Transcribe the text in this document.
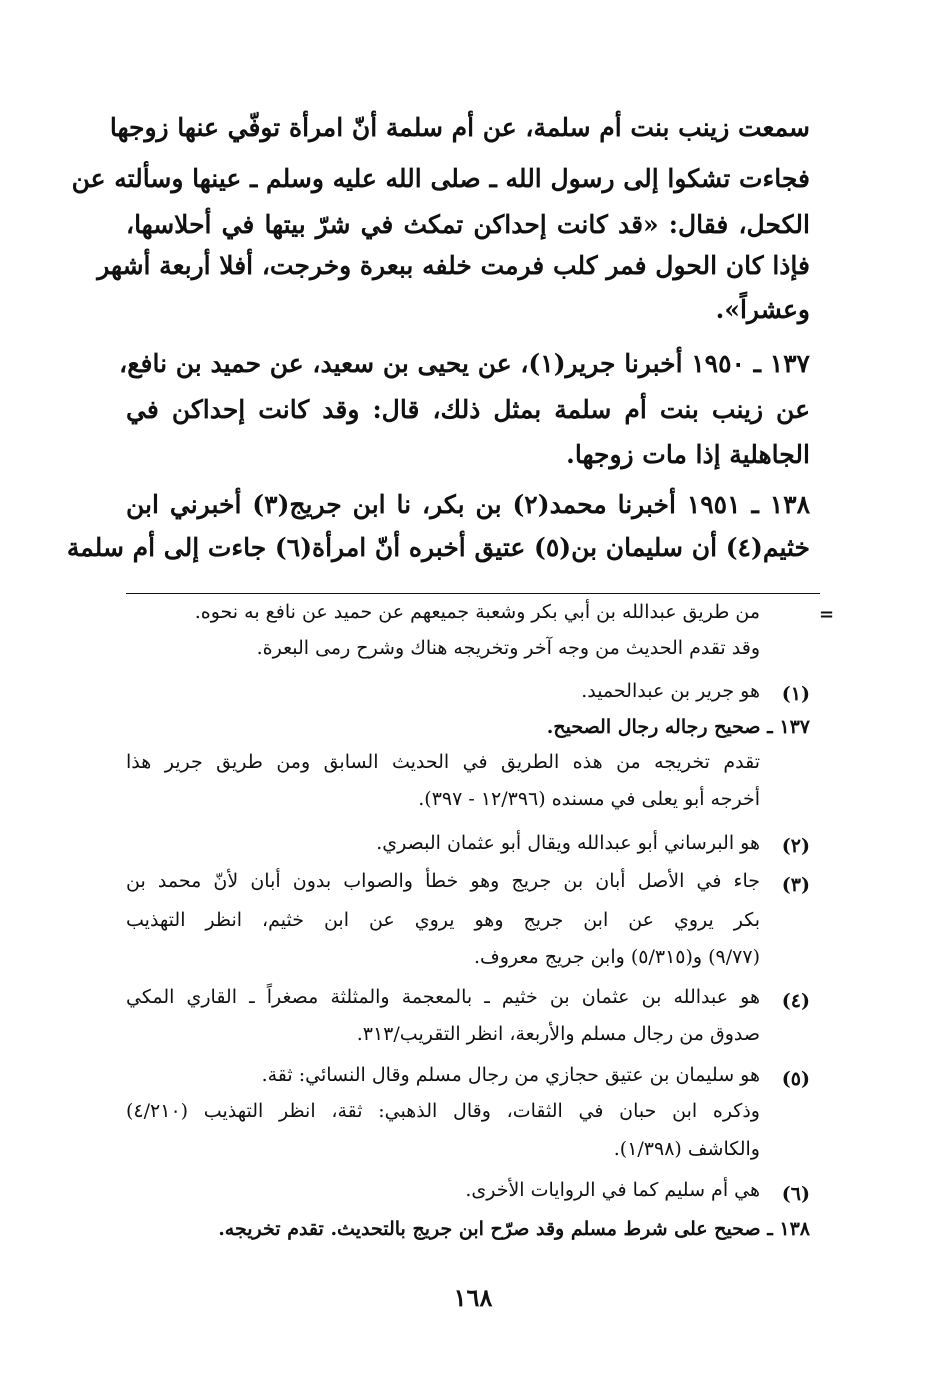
سمعت زينب بنت أم سلمة، عن أم سلمة أنّ امرأة توفّي عنها زوجها
فجاءت تشكوا إلى رسول الله ـ صلى الله عليه وسلم ـ عينها وسألته عن
الكحل، فقال: «قد كانت إحداكن تمكث في شرّ بيتها في أحلاسها،
فإذا كان الحول فمر كلب فرمت خلفه ببعرة وخرجت، أفلا أربعة أشهر
وعشراً».
١٣٧ ـ ١٩٥٠ أخبرنا جرير(١)، عن يحيى بن سعيد، عن حميد بن نافع،
عن زينب بنت أم سلمة بمثل ذلك، قال: وقد كانت إحداكن في
الجاهلية إذا مات زوجها.
١٣٨ ـ ١٩٥١ أخبرنا محمد(٢) بن بكر، نا ابن جريج(٣) أخبرني ابن
خثيم(٤) أن سليمان بن(٥) عتيق أخبره أنّ امرأة(٦) جاءت إلى أم سلمة
=
من طريق عبدالله بن أبي بكر وشعبة جميعهم عن حميد عن نافع به نحوه.
وقد تقدم الحديث من وجه آخر وتخريجه هناك وشرح رمى البعرة.
(١)
هو جرير بن عبدالحميد.
١٣٧ ـ صحيح رجاله رجال الصحيح.
تقدم تخريجه من هذه الطريق في الحديث السابق ومن طريق جرير هذا
أخرجه أبو يعلى في مسنده (١٢/٣٩٦ - ٣٩٧).
(٢)
هو البرساني أبو عبدالله ويقال أبو عثمان البصري.
(٣)
جاء في الأصل أبان بن جريج وهو خطأ والصواب بدون أبان لأنّ محمد بن
بكر يروي عن ابن جريج وهو يروي عن ابن خثيم، انظر التهذيب
(٩/٧٧) و(٥/٣١٥) وابن جريج معروف.
(٤)
هو عبدالله بن عثمان بن خثيم ـ بالمعجمة والمثلثة مصغراً ـ القاري المكي
صدوق من رجال مسلم والأربعة، انظر التقريب/٣١٣.
(٥)
هو سليمان بن عتيق حجازي من رجال مسلم وقال النسائي: ثقة.
وذكره ابن حبان في الثقات، وقال الذهبي: ثقة، انظر التهذيب (٤/٢١٠)
والكاشف (١/٣٩٨).
(٦)
هي أم سليم كما في الروايات الأخرى.
١٣٨ ـ صحيح على شرط مسلم وقد صرّح ابن جريج بالتحديث. تقدم تخريجه.
١٦٨
